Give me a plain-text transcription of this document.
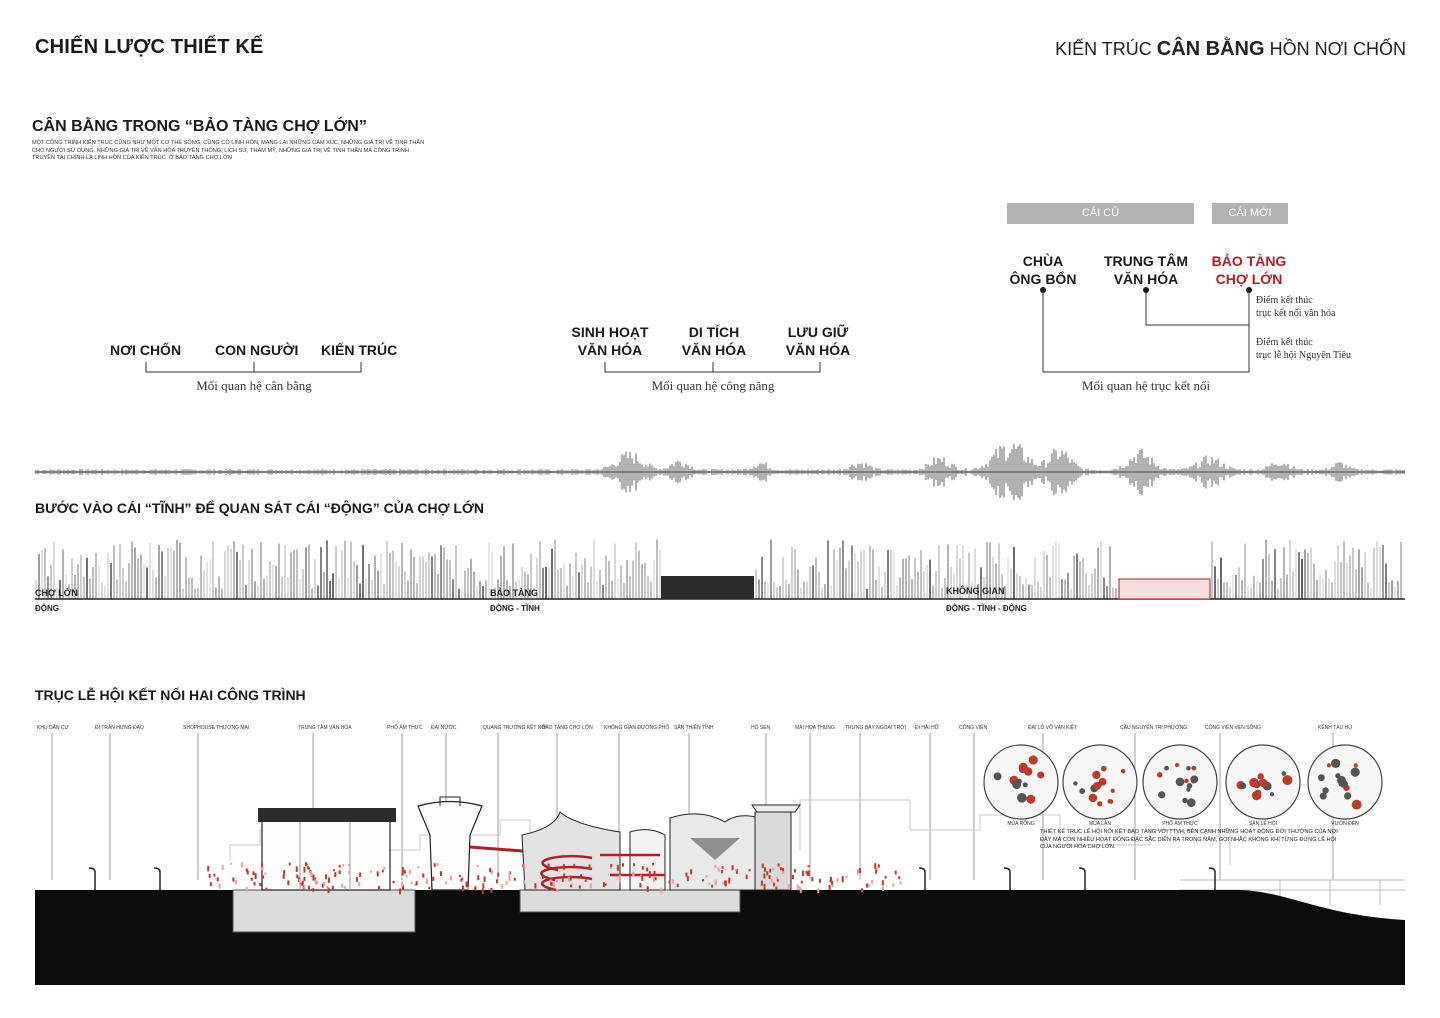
CHIẾN LƯỢC THIẾT KẾ	KIẾN TRÚC CÂN BẰNG HỒN NƠI CHỐN
CÂN BẰNG TRONG “BẢO TÀNG CHỢ LỚN”
MỘT CÔNG TRÌNH KIẾN TRÚC CŨNG NHƯ MỘT CƠ THỂ SỐNG, CŨNG CÓ LINH HỒN, MANG LẠI NHỮNG CẢM XÚC, NHỮNG GIÁ TRỊ VỀ TINH THẦN CHO NGƯỜI SỬ DỤNG. NHỮNG GIÁ TRỊ VỀ VĂN HÓA TRUYỀN THỐNG, LỊCH SỬ, THẨM MỸ, NHỮNG GIÁ TRỊ VỀ TINH THẦN MÀ CÔNG TRÌNH TRUYỀN TẢI CHÍNH LÀ LINH HỒN CỦA KIẾN TRÚC. Ở BẢO TÀNG CHỢ LỚN
NƠI CHỐN CON NGƯỜI KIẾN TRÚC
Mối quan hệ cân bằng
SINH HOẠT
VĂN HÓA
DI TÍCH
VĂN HÓA
LƯU GIỮ
VĂN HÓA
Mối quan hệ công năng
CÁI CŨ	CÁI MỚI
CHÙA
ÔNG BỔN
TRUNG TÂM
VĂN HÓA
BẢO TÀNG
CHỢ LỚN
Điểm kết thúc
trục kết nối văn hóa
Điểm kết thúc
trục lễ hội Nguyên Tiêu
Mối quan hệ trục kết nối
BƯỚC VÀO CÁI “TĨNH” ĐỂ QUAN SÁT CÁI “ĐỘNG” CỦA CHỢ LỚN
CHỢ LỚN
ĐỘNG
BẢO TÀNG
ĐỘNG - TĨNH
KHÔNG GIAN
ĐỘNG - TĨNH - ĐỘNG
TRỤC LỄ HỘI KẾT NỐI HAI CÔNG TRÌNH
KHU DÂN CƯ	ĐI TRẦN HƯNG ĐẠO	SHOPHOUSE THƯƠNG MẠI	TRUNG TÂM VĂN HÓA	PHỐ ẨM THỰC ĐÀI NƯỚC	QUẢNG TRƯỜNG KẾT NỐI
BẢO TÀNG CHỢ LỚN KHÔNG GIAN ĐƯỜNG PHỐ SÂN THIỀN TỈNH	HỒ SEN	MÁI HOA THỤNG TRƯNG BÀY NGOÀI TRỜI ĐI HẢI HỮ	CÔNG VIÊN	ĐẠI LỘ VÕ VĂN KIỆT	CẦU NGUYỄN TRI PHƯƠNG	CÔNG VIÊN VEN SÔNG	KÊNH TÀU HỦ
MÚA RỒNG	MÚA LÂN	PHỐ ẨM THỰC	SÂN LỄ HỘI	VƯỜN ĐÈN
THIẾT KẾ TRỤC LỄ HỘI NỐI KẾT BẢO TÀNG VỚI TTVH, BÊN CẠNH NHỮNG HOẠT ĐỘNG ĐỜI THƯỜNG CỦA NƠI ĐÂY MÀ CÒN NHIỀU HOẠT ĐỘNG ĐẶC SẮC DIỄN RA TRONG NĂM, GỢI NHẮC KHÔNG KHÍ TỪNG ĐỪNG LỄ HỘI CỦA NGƯỜI HOA CHỢ LỚN.
